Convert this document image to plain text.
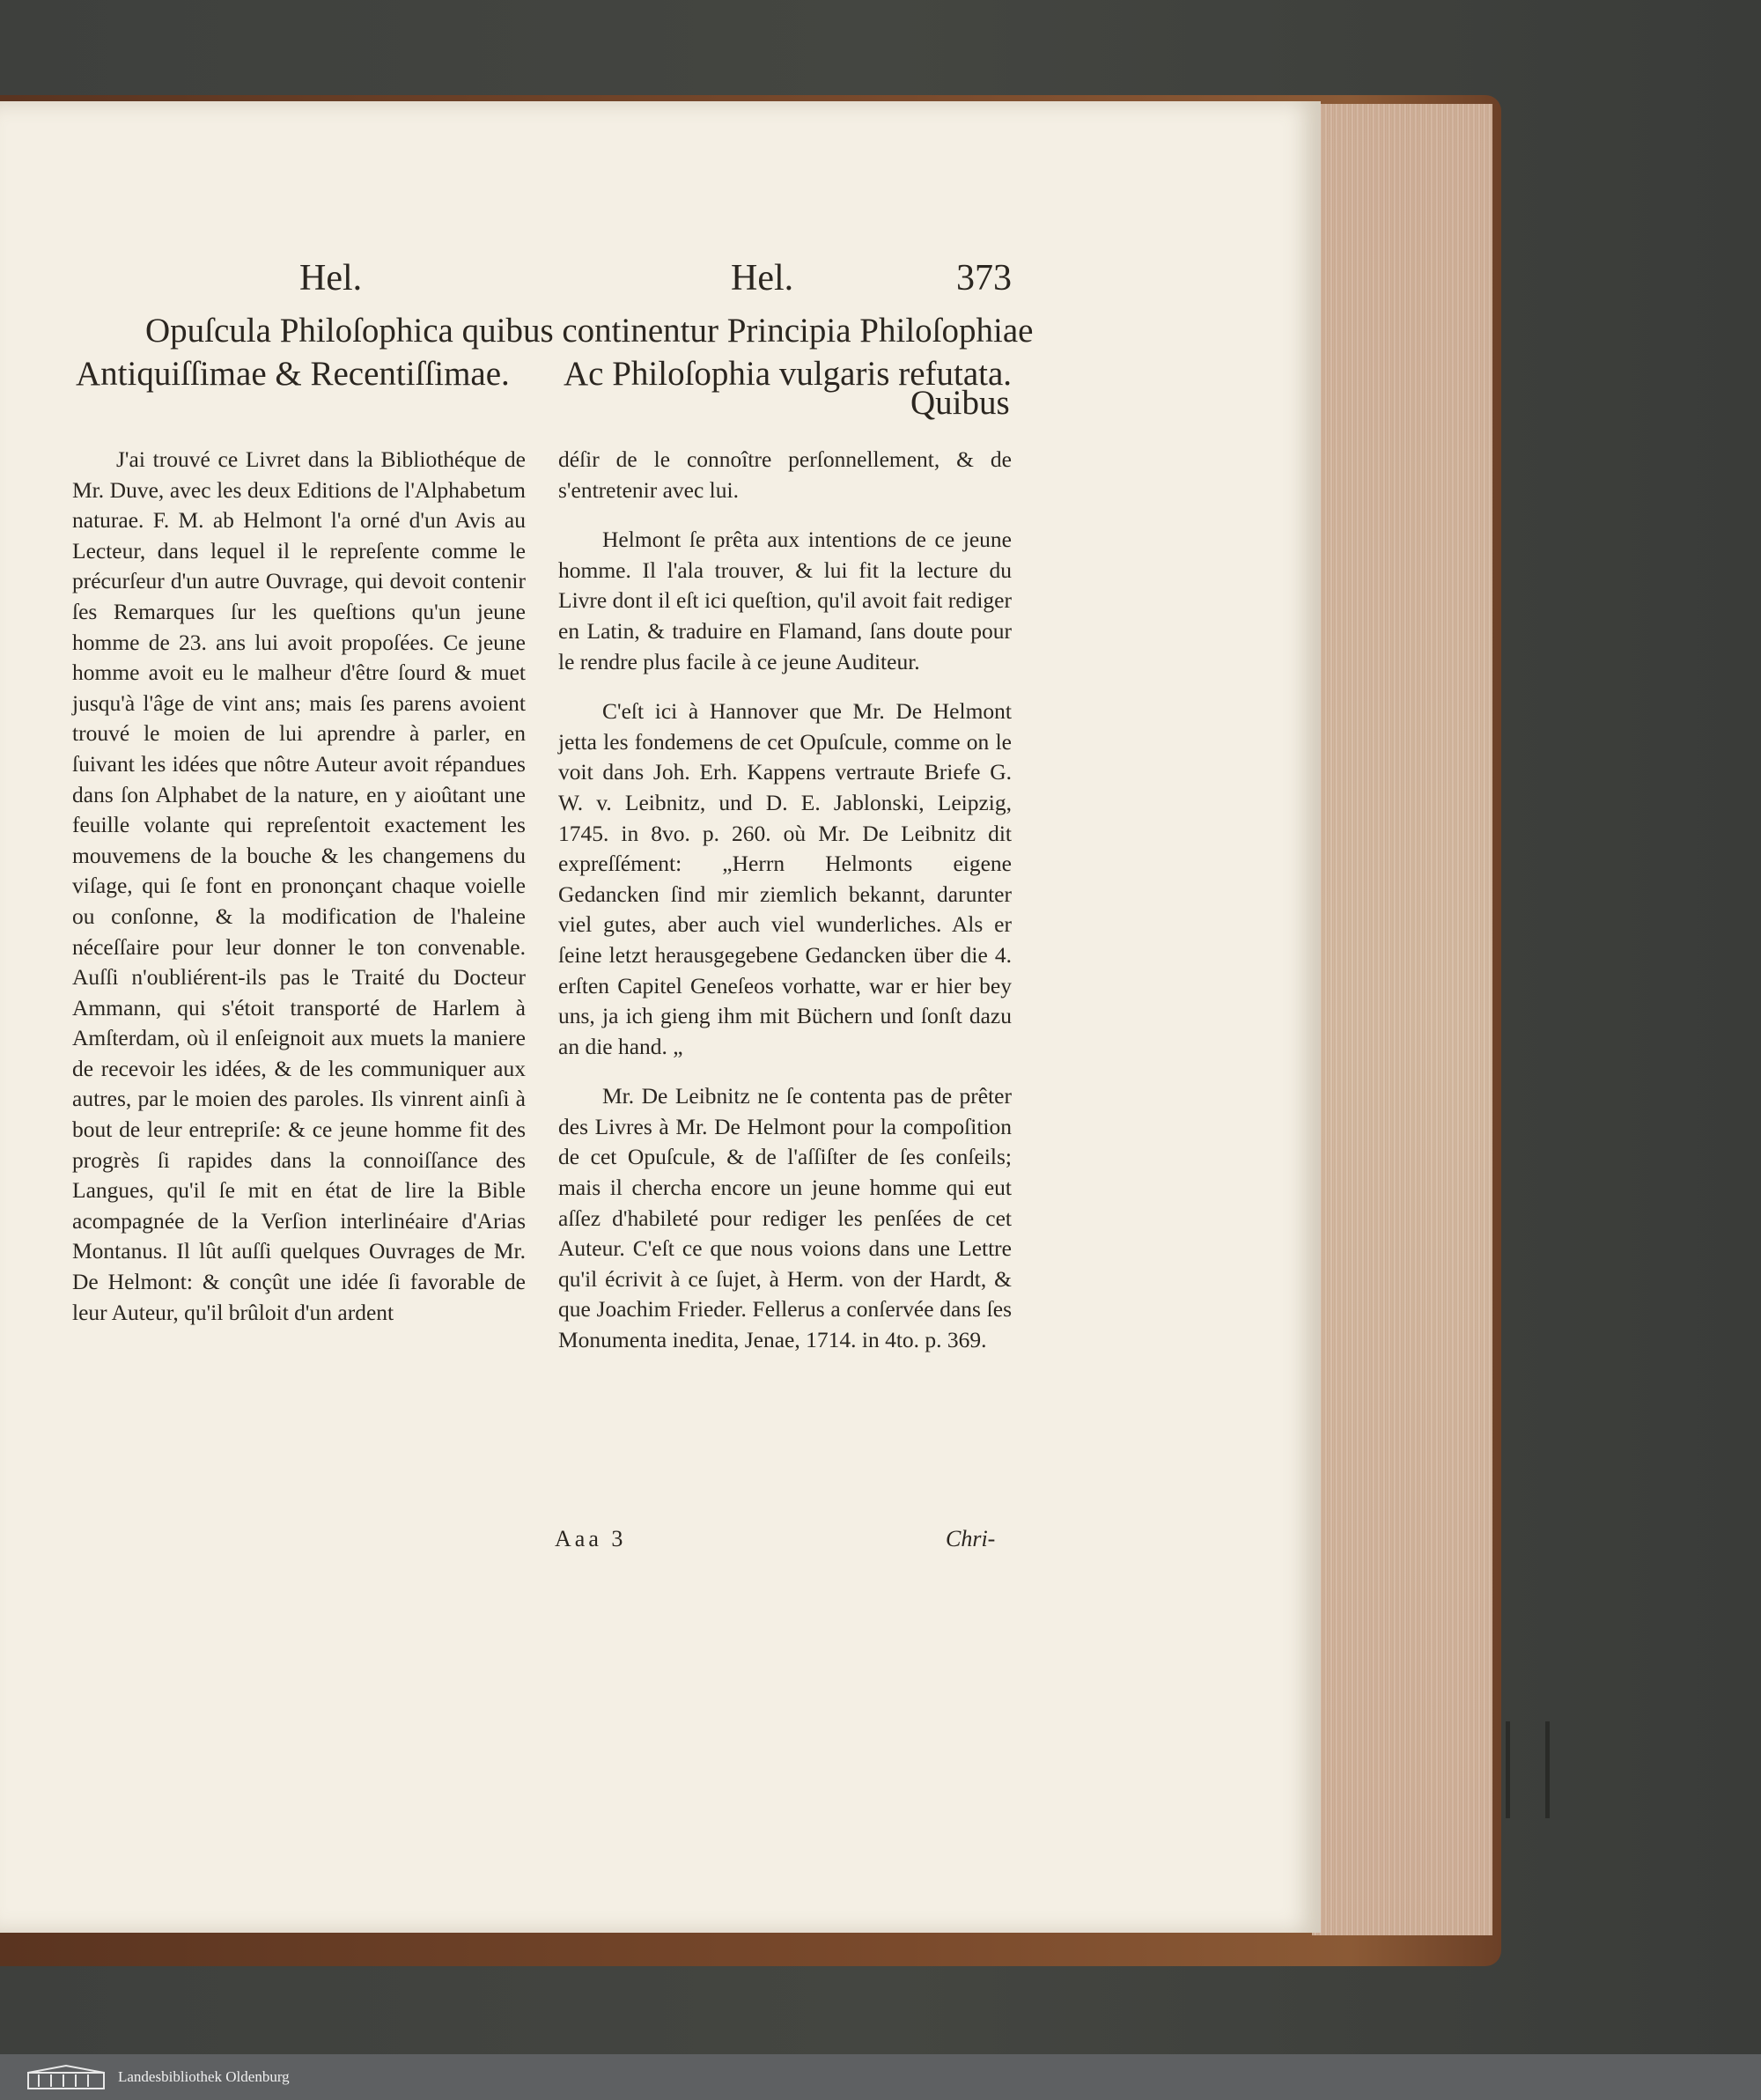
Hel.	Hel.	373
Opuſcula Philoſophica quibus continentur Principia Philoſophiae
Antiquiſſimae & Recentiſſimae. Ac Philoſophia vulgaris refutata.
Quibus

J'ai trouvé ce Livret dans la Bibliothéque de Mr. Duve, avec les deux Editions de l'Alphabetum naturae. F. M. ab Helmont l'a orné d'un Avis au Lecteur, dans lequel il le repreſente comme le précurſeur d'un autre Ouvrage, qui devoit contenir ſes Remarques ſur les queſtions qu'un jeune homme de 23. ans lui avoit propoſées. Ce jeune homme avoit eu le malheur d'être ſourd & muet jusqu'à l'âge de vint ans; mais ſes parens avoient trouvé le moien de lui aprendre à parler, en ſuivant les idées que nôtre Auteur avoit répandues dans ſon Alphabet de la nature, en y aioûtant une feuille volante qui repreſentoit exactement les mouvemens de la bouche & les changemens du viſage, qui ſe font en prononçant chaque voielle ou conſonne, & la modification de l'haleine néceſſaire pour leur donner le ton convenable. Auſſi n'oubliérent-ils pas le Traité du Docteur Ammann, qui s'étoit transporté de Harlem à Amſterdam, où il enſeignoit aux muets la maniere de recevoir les idées, & de les communiquer aux autres, par le moien des paroles. Ils vinrent ainſi à bout de leur entrepriſe: & ce jeune homme fit des progrès ſi rapides dans la connoiſſance des Langues, qu'il ſe mit en état de lire la Bible acompagnée de la Verſion interlinéaire d'Arias Montanus. Il lût auſſi quelques Ouvrages de Mr. De Helmont: & conçût une idée ſi favorable de leur Auteur, qu'il brûloit d'un ardent

déſir de le connoître perſonnellement, & de s'entretenir avec lui.

Helmont ſe prêta aux intentions de ce jeune homme. Il l'ala trouver, & lui fit la lecture du Livre dont il eſt ici queſtion, qu'il avoit fait rediger en Latin, & traduire en Flamand, ſans doute pour le rendre plus facile à ce jeune Auditeur.

C'eſt ici à Hannover que Mr. De Helmont jetta les fondemens de cet Opuſcule, comme on le voit dans Joh. Erh. Kappens vertraute Briefe G. W. v. Leibnitz, und D. E. Jablonski, Leipzig, 1745. in 8vo. p. 260. où Mr. De Leibnitz dit expreſſément: „Herrn Helmonts eigene Gedancken ſind mir ziemlich bekannt, darunter viel gutes, aber auch viel wunderliches. Als er ſeine letzt herausgegebene Gedancken über die 4. erſten Capitel Geneſeos vorhatte, war er hier bey uns, ja ich gieng ihm mit Büchern und ſonſt dazu an die hand. „

Mr. De Leibnitz ne ſe contenta pas de prêter des Livres à Mr. De Helmont pour la compoſition de cet Opuſcule, & de l'aſſiſter de ſes conſeils; mais il chercha encore un jeune homme qui eut aſſez d'habileté pour rediger les penſées de cet Auteur. C'eſt ce que nous voions dans une Lettre qu'il écrivit à ce ſujet, à Herm. von der Hardt, & que Joachim Frieder. Fellerus a conſervée dans ſes Monumenta inedita, Jenae, 1714. in 4to. p. 369.

Aaa 3	Chri-
Landesbibliothek Oldenburg
